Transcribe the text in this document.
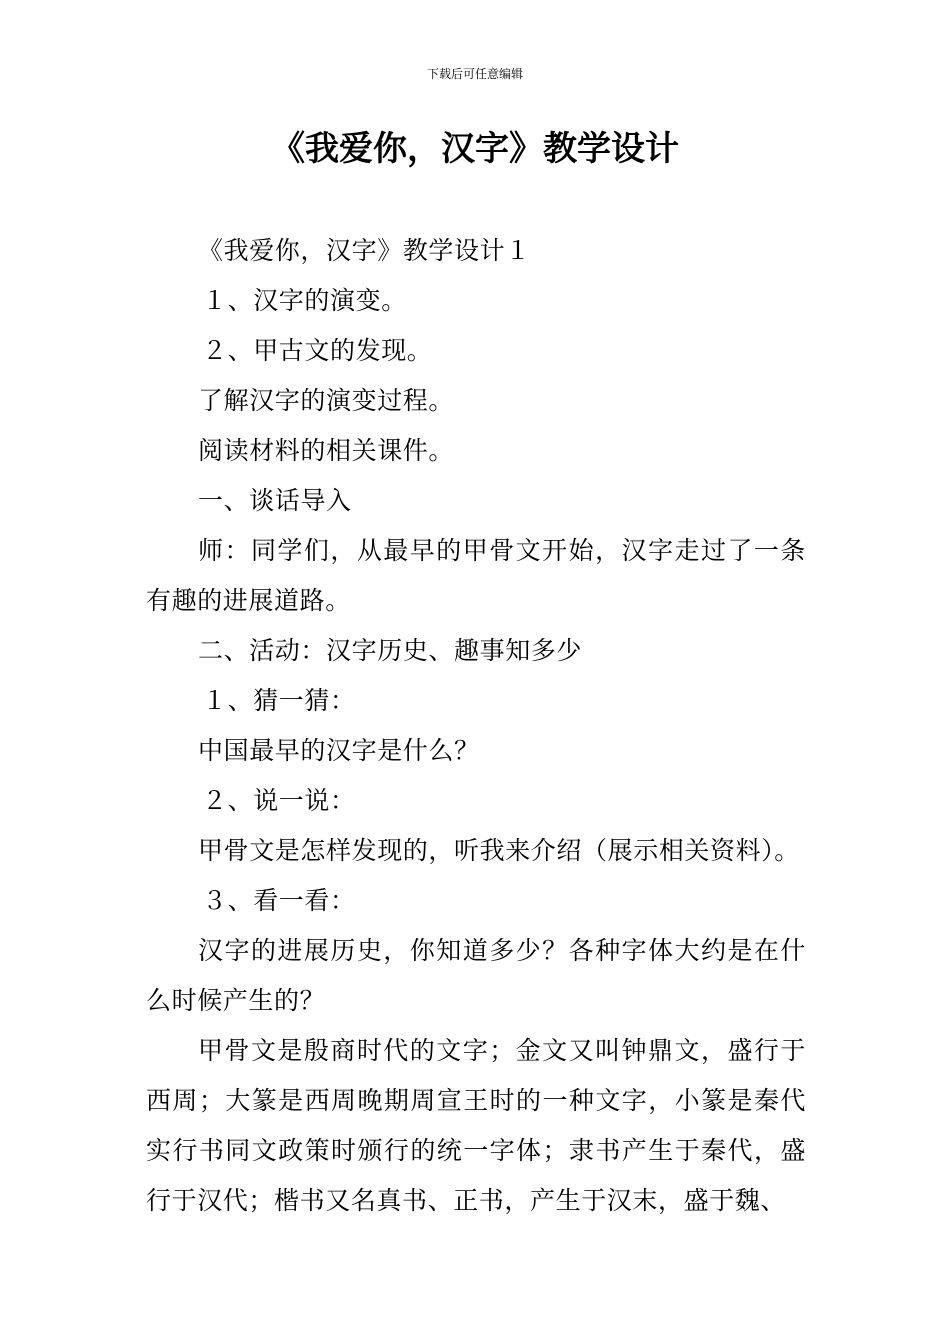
下载后可任意编辑
《我爱你，汉字》教学设计

《我爱你，汉字》教学设计１

１、汉字的演变。

２、甲古文的发现。

了解汉字的演变过程。

阅读材料的相关课件。

一、谈话导入

师：同学们，从最早的甲骨文开始，汉字走过了一条有趣的进展道路。

二、活动：汉字历史、趣事知多少

１、猜一猜：

中国最早的汉字是什么？

２、说一说：

甲骨文是怎样发现的，听我来介绍（展示相关资料）。

３、看一看：

汉字的进展历史，你知道多少？各种字体大约是在什么时候产生的？

甲骨文是殷商时代的文字；金文又叫钟鼎文，盛行于西周；大篆是西周晚期周宣王时的一种文字，小篆是秦代实行书同文政策时颁行的统一字体；隶书产生于秦代，盛行于汉代；楷书又名真书、正书，产生于汉末，盛于魏、
